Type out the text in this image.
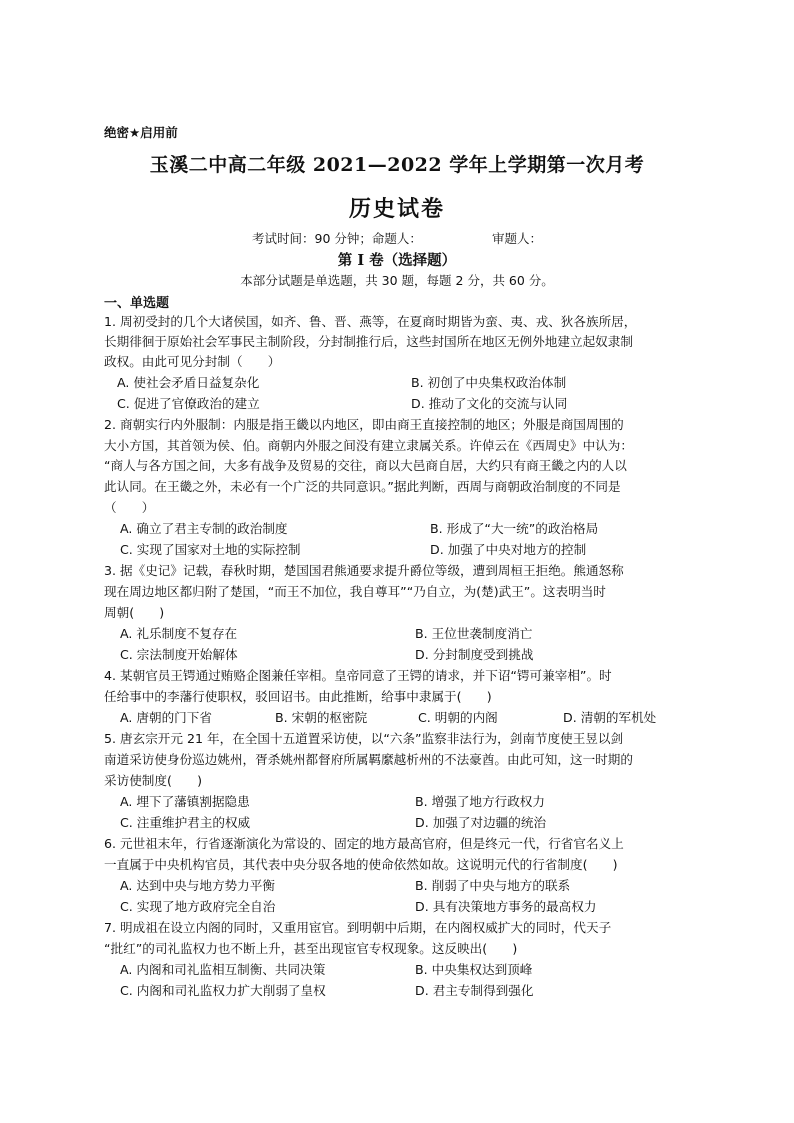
绝密★启用前
玉溪二中高二年级 2021—2022 学年上学期第一次月考
历史试卷
考试时间：90 分钟；命题人：	审题人：
第 I 卷（选择题）
本部分试题是单选题，共 30 题，每题 2 分，共 60 分。
一、单选题
1. 周初受封的几个大诸侯国，如齐、鲁、晋、燕等，在夏商时期皆为蛮、夷、戎、狄各族所居，
长期徘徊于原始社会军事民主制阶段，分封制推行后，这些封国所在地区无例外地建立起奴隶制
政权。由此可见分封制（　　）
A. 使社会矛盾日益复杂化	B. 初创了中央集权政治体制
C. 促进了官僚政治的建立	D. 推动了文化的交流与认同
2. 商朝实行内外服制：内服是指王畿以内地区，即由商王直接控制的地区；外服是商国周围的
大小方国，其首领为侯、伯。商朝内外服之间没有建立隶属关系。许倬云在《西周史》中认为：
“商人与各方国之间，大多有战争及贸易的交往，商以大邑商自居，大约只有商王畿之内的人以
此认同。在王畿之外，未必有一个广泛的共同意识。”据此判断，西周与商朝政治制度的不同是
（　　）
A. 确立了君主专制的政治制度	B. 形成了“大一统”的政治格局
C. 实现了国家对土地的实际控制	D. 加强了中央对地方的控制
3. 据《史记》记载，春秋时期，楚国国君熊通要求提升爵位等级，遭到周桓王拒绝。熊通怒称
现在周边地区都归附了楚国，“而王不加位，我自尊耳”“乃自立，为(楚)武王”。这表明当时
周朝(　　)
A. 礼乐制度不复存在	B. 王位世袭制度消亡
C. 宗法制度开始解体	D. 分封制度受到挑战
4. 某朝官员王锷通过贿赂企图兼任宰相。皇帝同意了王锷的请求，并下诏“锷可兼宰相”。时
任给事中的李藩行使职权，驳回诏书。由此推断，给事中隶属于(　　)
A. 唐朝的门下省	B. 宋朝的枢密院	C. 明朝的内阁	D. 清朝的军机处
5. 唐玄宗开元 21 年，在全国十五道置采访使，以“六条”监察非法行为，剑南节度使王昱以剑
南道采访使身份巡边姚州，胥杀姚州都督府所属羁縻越析州的不法豪酋。由此可知，这一时期的
采访使制度(　　)
A. 埋下了藩镇割据隐患	B. 增强了地方行政权力
C. 注重维护君主的权威	D. 加强了对边疆的统治
6. 元世祖末年，行省逐渐演化为常设的、固定的地方最高官府，但是终元一代，行省官名义上
一直属于中央机构官员，其代表中央分驭各地的使命依然如故。这说明元代的行省制度(　　)
A. 达到中央与地方势力平衡	B. 削弱了中央与地方的联系
C. 实现了地方政府完全自治	D. 具有决策地方事务的最高权力
7. 明成祖在设立内阁的同时，又重用宦官。到明朝中后期，在内阁权威扩大的同时，代天子
“批红”的司礼监权力也不断上升，甚至出现宦官专权现象。这反映出(　　)
A. 内阁和司礼监相互制衡、共同决策	B. 中央集权达到顶峰
C. 内阁和司礼监权力扩大削弱了皇权	D. 君主专制得到强化
